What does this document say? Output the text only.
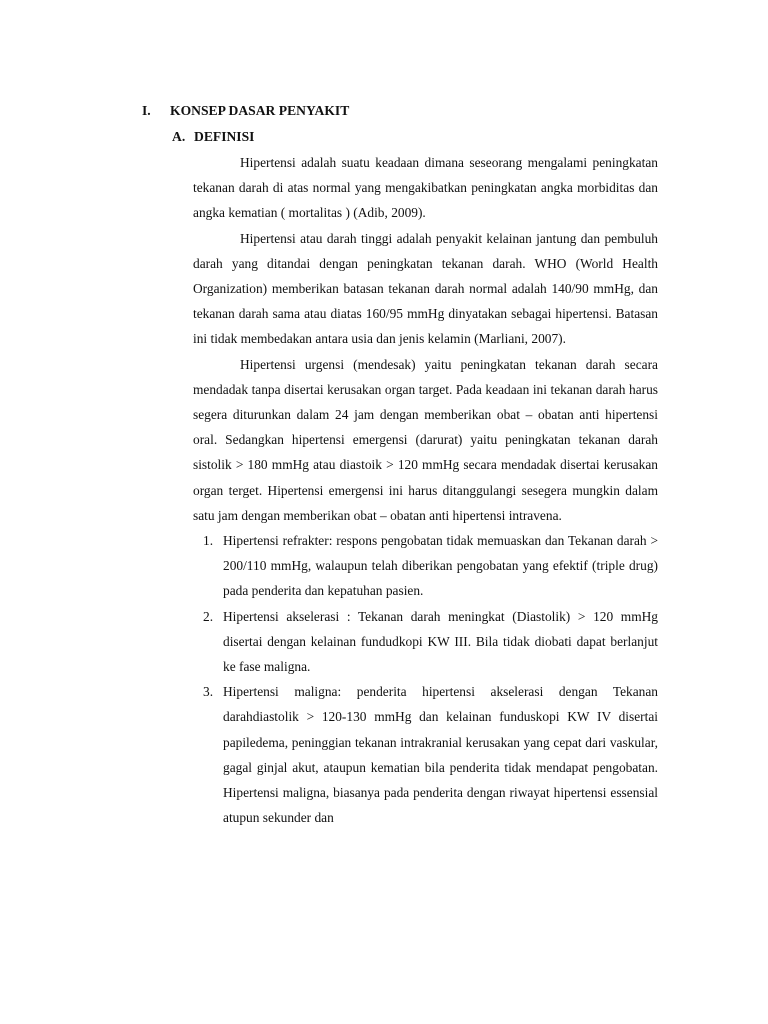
I. KONSEP DASAR PENYAKIT
A. DEFINISI

Hipertensi adalah suatu keadaan dimana seseorang mengalami peningkatan tekanan darah di atas normal yang mengakibatkan peningkatan angka morbiditas dan angka kematian ( mortalitas ) (Adib, 2009).

Hipertensi atau darah tinggi adalah penyakit kelainan jantung dan pembuluh darah yang ditandai dengan peningkatan tekanan darah. WHO (World Health Organization) memberikan batasan tekanan darah normal adalah 140/90 mmHg, dan tekanan darah sama atau diatas 160/95 mmHg dinyatakan sebagai hipertensi. Batasan ini tidak membedakan antara usia dan jenis kelamin (Marliani, 2007).

Hipertensi urgensi (mendesak) yaitu peningkatan tekanan darah secara mendadak tanpa disertai kerusakan organ target. Pada keadaan ini tekanan darah harus segera diturunkan dalam 24 jam dengan memberikan obat – obatan anti hipertensi oral. Sedangkan hipertensi emergensi (darurat) yaitu peningkatan tekanan darah sistolik > 180 mmHg atau diastoik > 120 mmHg secara mendadak disertai kerusakan organ terget. Hipertensi emergensi ini harus ditanggulangi sesegera mungkin dalam satu jam dengan memberikan obat – obatan anti hipertensi intravena.

1. Hipertensi refrakter: respons pengobatan tidak memuaskan dan Tekanan darah > 200/110 mmHg, walaupun telah diberikan pengobatan yang efektif (triple drug) pada penderita dan kepatuhan pasien.
2. Hipertensi akselerasi : Tekanan darah meningkat (Diastolik) > 120 mmHg disertai dengan kelainan fundudkopi KW III. Bila tidak diobati dapat berlanjut ke fase maligna.
3. Hipertensi maligna: penderita hipertensi akselerasi dengan Tekanan darahdiastolik > 120-130 mmHg dan kelainan funduskopi KW IV disertai papiledema, peninggian tekanan intrakranial kerusakan yang cepat dari vaskular, gagal ginjal akut, ataupun kematian bila penderita tidak mendapat pengobatan. Hipertensi maligna, biasanya pada penderita dengan riwayat hipertensi essensial atupun sekunder dan
